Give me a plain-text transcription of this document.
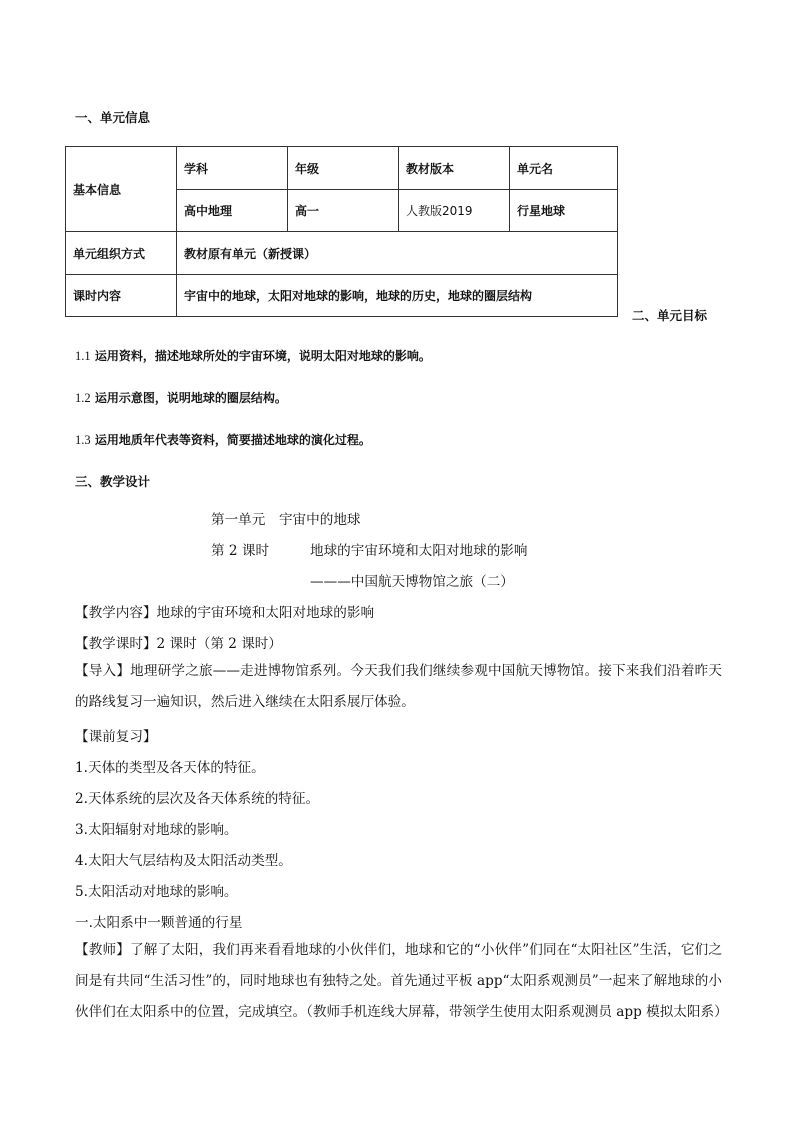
一、单元信息
基本信息	学科	年级	教材版本	单元名
	高中地理	高一	人教版2019	行星地球
单元组织方式	教材原有单元（新授课）			
课时内容	宇宙中的地球，太阳对地球的影响，地球的历史，地球的圈层结构			
二、单元目标
1.1 运用资料，描述地球所处的宇宙环境，说明太阳对地球的影响。
1.2 运用示意图，说明地球的圈层结构。
1.3 运用地质年代表等资料，简要描述地球的演化过程。
三、教学设计
第一单元　宇宙中的地球
第 2 课时	地球的宇宙环境和太阳对地球的影响
———中国航天博物馆之旅（二）
【教学内容】地球的宇宙环境和太阳对地球的影响
【教学课时】2 课时（第 2 课时）

【导入】地理研学之旅——走进博物馆系列。今天我们我们继续参观中国航天博物馆。接下来我们沿着昨天的路线复习一遍知识，然后进入继续在太阳系展厅体验。

【课前复习】
1.天体的类型及各天体的特征。
2.天体系统的层次及各天体系统的特征。
3.太阳辐射对地球的影响。
4.太阳大气层结构及太阳活动类型。
5.太阳活动对地球的影响。
一.太阳系中一颗普通的行星

【教师】了解了太阳，我们再来看看地球的小伙伴们，地球和它的“小伙伴”们同在“太阳社区”生活，它们之间是有共同“生活习性”的，同时地球也有独特之处。首先通过平板 app“太阳系观测员”一起来了解地球的小伙伴们在太阳系中的位置，完成填空。（教师手机连线大屏幕，带领学生使用太阳系观测员 app 模拟太阳系）
